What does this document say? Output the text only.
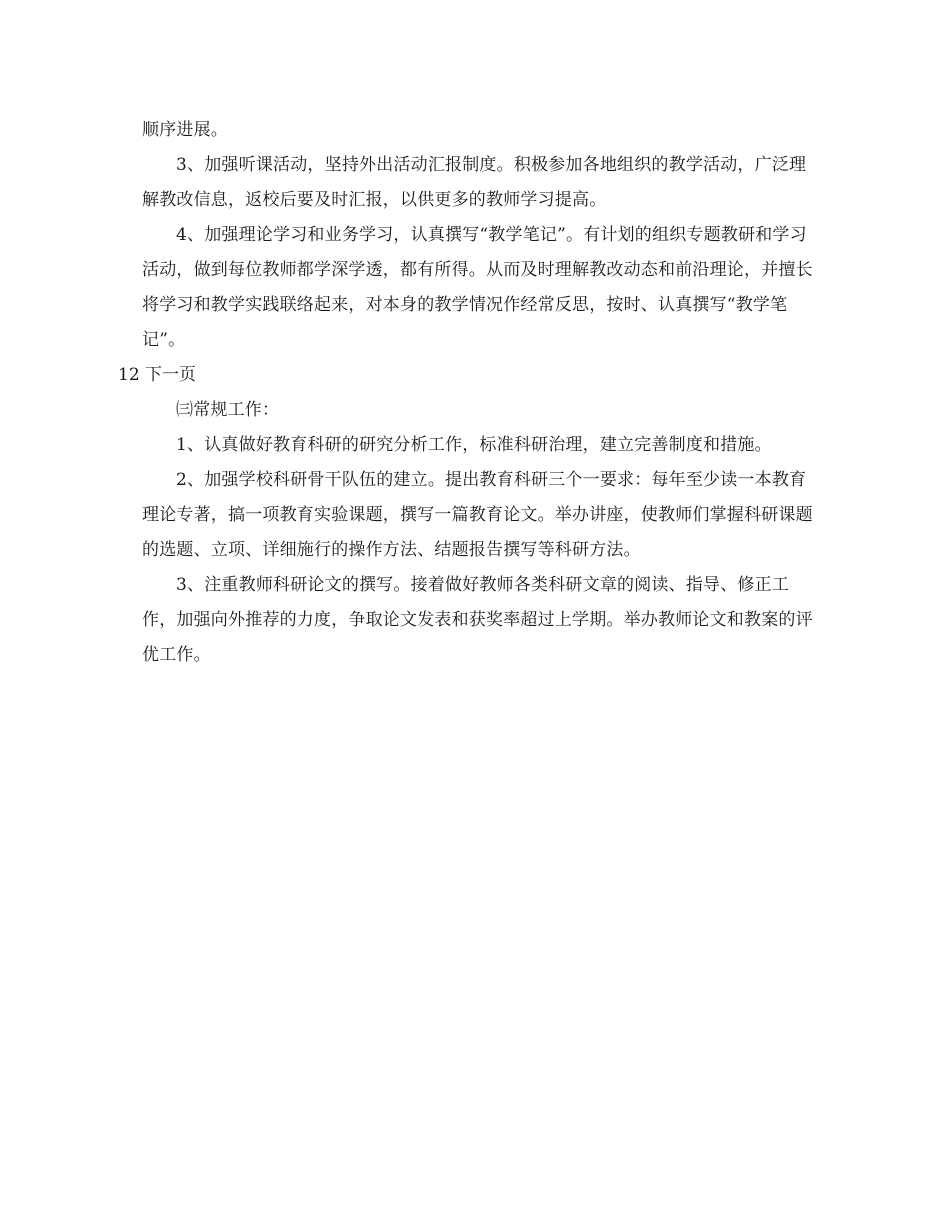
顺序进展。

3、加强听课活动，坚持外出活动汇报制度。积极参加各地组织的教学活动，广泛理解教改信息，返校后要及时汇报，以供更多的教师学习提高。

4、加强理论学习和业务学习，认真撰写“教学笔记”。有计划的组织专题教研和学习活动，做到每位教师都学深学透，都有所得。从而及时理解教改动态和前沿理论，并擅长将学习和教学实践联络起来，对本身的教学情况作经常反思，按时、认真撰写“教学笔记”。

12 下一页

㈢常规工作：

1、认真做好教育科研的研究分析工作，标准科研治理，建立完善制度和措施。

2、加强学校科研骨干队伍的建立。提出教育科研三个一要求：每年至少读一本教育理论专著，搞一项教育实验课题，撰写一篇教育论文。举办讲座，使教师们掌握科研课题的选题、立项、详细施行的操作方法、结题报告撰写等科研方法。

3、注重教师科研论文的撰写。接着做好教师各类科研文章的阅读、指导、修正工作，加强向外推荐的力度，争取论文发表和获奖率超过上学期。举办教师论文和教案的评优工作。
